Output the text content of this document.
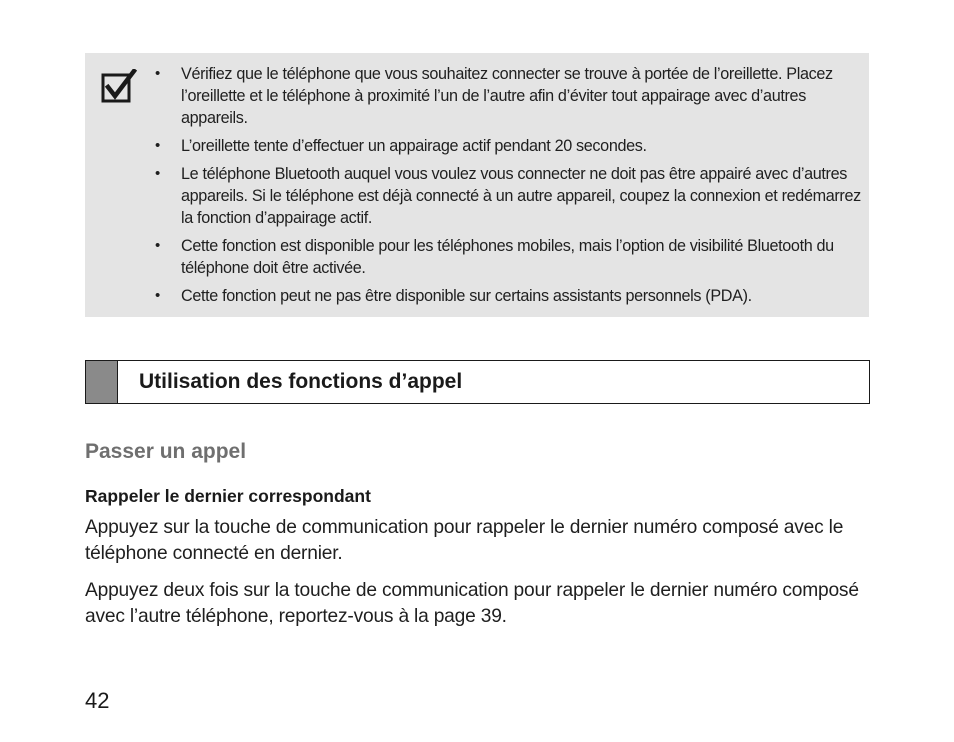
• Vérifiez que le téléphone que vous souhaitez connecter se trouve à portée de l’oreillette. Placez l’oreillette et le téléphone à proximité l’un de l’autre afin d’éviter tout appairage avec d’autres appareils.
• L’oreillette tente d’effectuer un appairage actif pendant 20 secondes.
• Le téléphone Bluetooth auquel vous voulez vous connecter ne doit pas être appairé avec d’autres appareils. Si le téléphone est déjà connecté à un autre appareil, coupez la connexion et redémarrez la fonction d’appairage actif.
• Cette fonction est disponible pour les téléphones mobiles, mais l’option de visibilité Bluetooth du téléphone doit être activée.
• Cette fonction peut ne pas être disponible sur certains assistants personnels (PDA).
Utilisation des fonctions d’appel
Passer un appel
Rappeler le dernier correspondant

Appuyez sur la touche de communication pour rappeler le dernier numéro composé avec le téléphone connecté en dernier.

Appuyez deux fois sur la touche de communication pour rappeler le dernier numéro composé avec l’autre téléphone, reportez-vous à la page 39.

42
